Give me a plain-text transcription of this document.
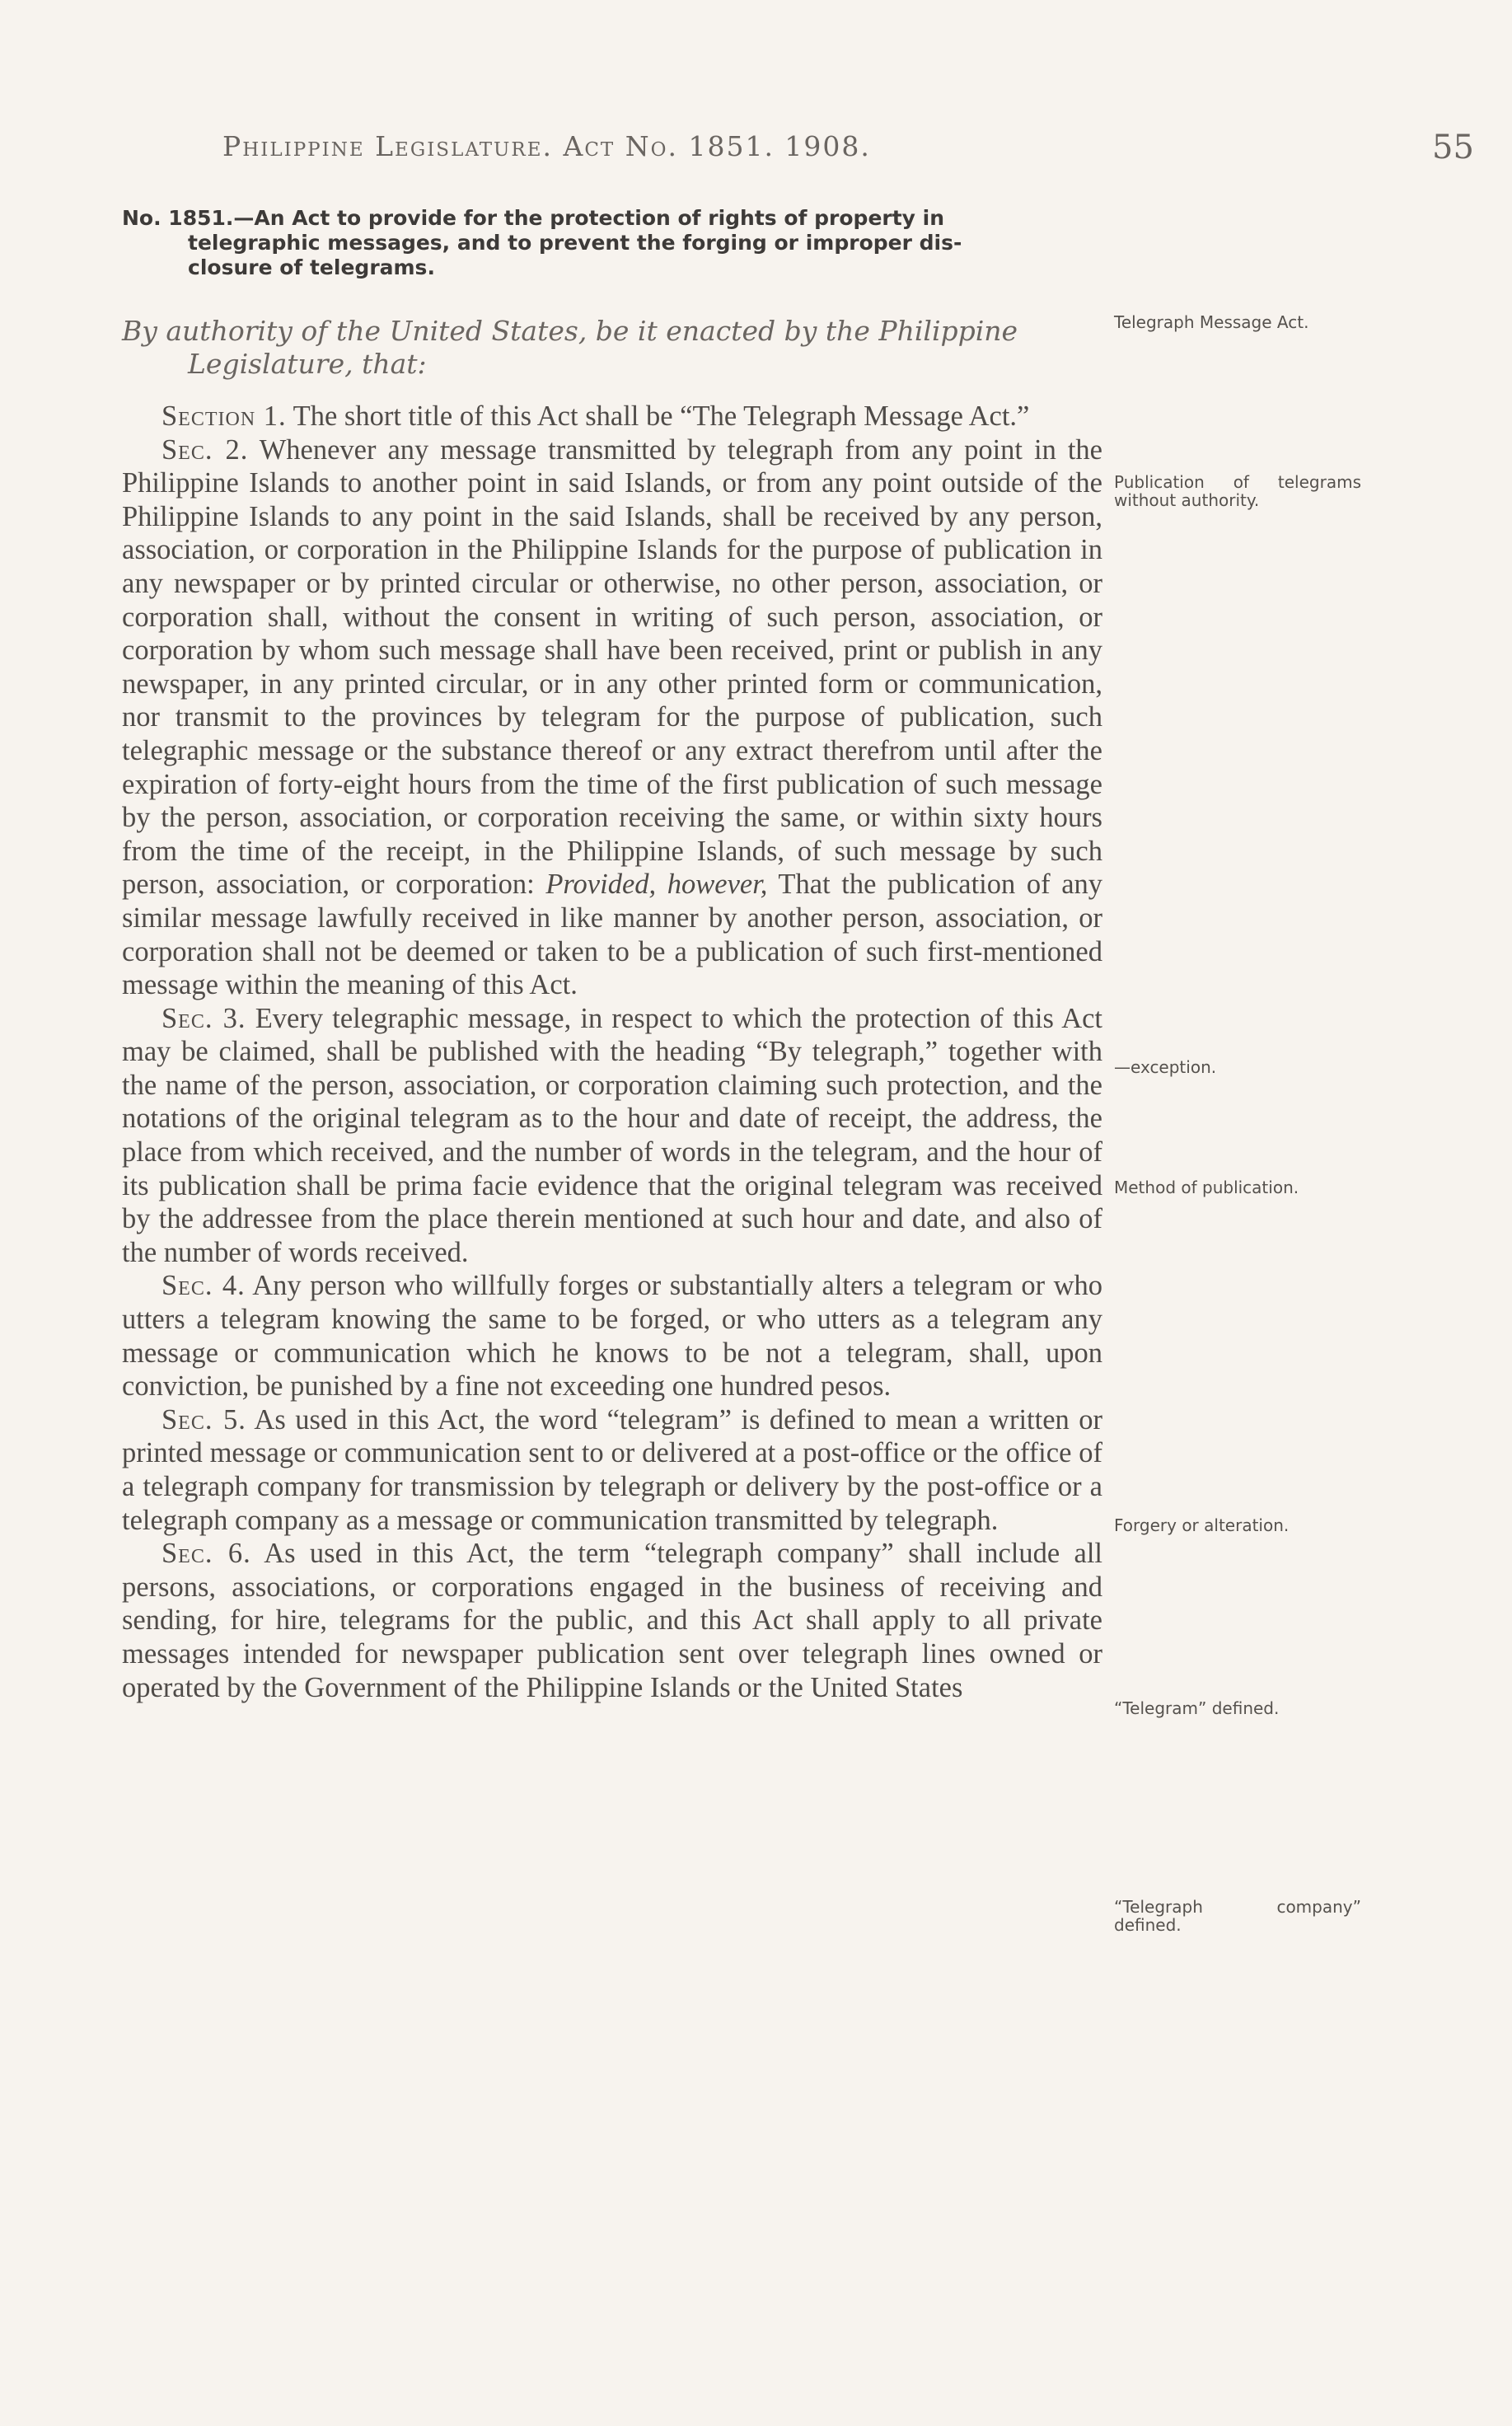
Philippine Legislature. Act No. 1851. 1908.	55
No. 1851.—An Act to provide for the protection of rights of property in
telegraphic messages, and to prevent the forging or improper dis-
closure of telegrams.
By authority of the United States, be it enacted by the Philippine
Legislature, that:

Section 1. The short title of this Act shall be “The Telegraph Message Act.”

Sec. 2. Whenever any message transmitted by telegraph from any point in the Philippine Islands to another point in said Islands, or from any point outside of the Philippine Islands to any point in the said Islands, shall be received by any person, association, or corporation in the Philippine Islands for the purpose of publication in any newspaper or by printed circular or otherwise, no other person, association, or corporation shall, without the consent in writing of such person, association, or corporation by whom such message shall have been received, print or publish in any newspaper, in any printed circular, or in any other printed form or communication, nor transmit to the provinces by telegram for the purpose of publication, such telegraphic message or the substance thereof or any extract therefrom until after the expiration of forty-eight hours from the time of the first publication of such message by the person, association, or corporation receiving the same, or within sixty hours from the time of the receipt, in the Philippine Islands, of such message by such person, association, or corporation: Provided, however, That the publication of any similar message lawfully received in like manner by another person, association, or corporation shall not be deemed or taken to be a publication of such first-mentioned message within the meaning of this Act.

Sec. 3. Every telegraphic message, in respect to which the protection of this Act may be claimed, shall be published with the heading “By telegraph,” together with the name of the person, association, or corporation claiming such protection, and the notations of the original telegram as to the hour and date of receipt, the address, the place from which received, and the number of words in the telegram, and the hour of its publication shall be prima facie evidence that the original telegram was received by the addressee from the place therein mentioned at such hour and date, and also of the number of words received.

Sec. 4. Any person who willfully forges or substantially alters a telegram or who utters a telegram knowing the same to be forged, or who utters as a telegram any message or communication which he knows to be not a telegram, shall, upon conviction, be punished by a fine not exceeding one hundred pesos.

Sec. 5. As used in this Act, the word “telegram” is defined to mean a written or printed message or communication sent to or delivered at a post-office or the office of a telegraph company for transmission by telegraph or delivery by the post-office or a telegraph company as a message or communication transmitted by telegraph.

Sec. 6. As used in this Act, the term “telegraph company” shall include all persons, associations, or corporations engaged in the business of receiving and sending, for hire, telegrams for the public, and this Act shall apply to all private messages intended for newspaper publication sent over telegraph lines owned or operated by the Government of the Philippine Islands or the United States

Telegraph Message Act.
Publication of telegrams without authority.
—exception.
Method of publication.
Forgery or alteration.
“Telegram” defined.
“Telegraph company” defined.
